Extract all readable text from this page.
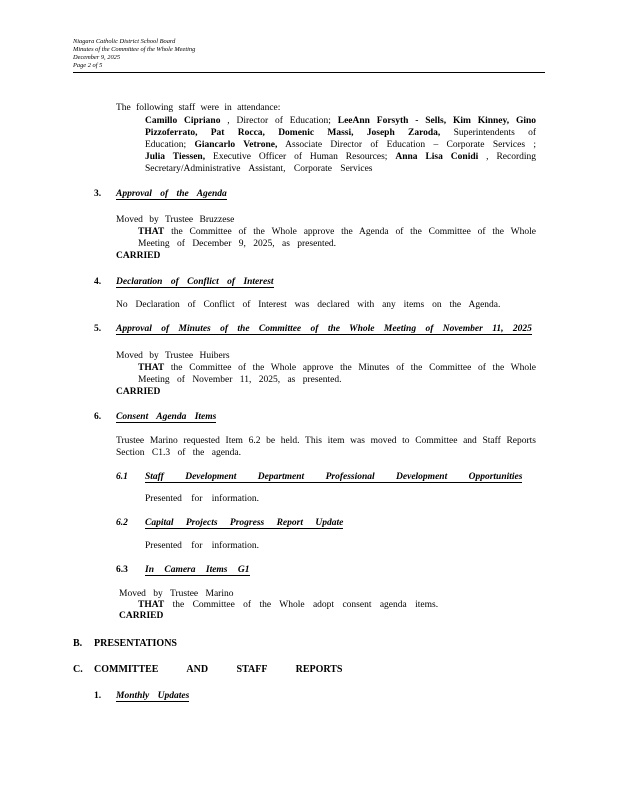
Niagara Catholic District School Board
Minutes of the Committee of the Whole Meeting
December 9, 2025
Page 2 of 5
The following staff were in attendance:
Camillo Cipriano , Director of Education; LeeAnn Forsyth - Sells, Kim Kinney, Gino
Pizzoferrato, Pat Rocca, Domenic Massi, Joseph Zaroda, Superintendents of
Education; Giancarlo Vetrone, Associate Director of Education – Corporate Services ;
Julia Tiessen, Executive Officer of Human Resources; Anna Lisa Conidi , Recording
Secretary/Administrative Assistant, Corporate Services
3. Approval of the Agenda
Moved by Trustee Bruzzese
THAT the Committee of the Whole approve the Agenda of the Committee of the Whole
Meeting of December 9, 2025, as presented.
CARRIED
4. Declaration of Conflict of Interest
No Declaration of Conflict of Interest was declared with any items on the Agenda.
5. Approval of Minutes of the Committee of the Whole Meeting of November 11, 2025
Moved by Trustee Huibers
THAT the Committee of the Whole approve the Minutes of the Committee of the Whole
Meeting of November 11, 2025, as presented.
CARRIED
6. Consent Agenda Items
Trustee Marino requested Item 6.2 be held. This item was moved to Committee and Staff Reports
Section C1.3 of the agenda.
6.1 Staff Development Department Professional Development Opportunities
Presented for information.
6.2 Capital Projects Progress Report Update
Presented for information.
6.3 In Camera Items G1
Moved by Trustee Marino
THAT the Committee of the Whole adopt consent agenda items.
CARRIED
B. PRESENTATIONS
C. COMMITTEE AND STAFF REPORTS
1. Monthly Updates
